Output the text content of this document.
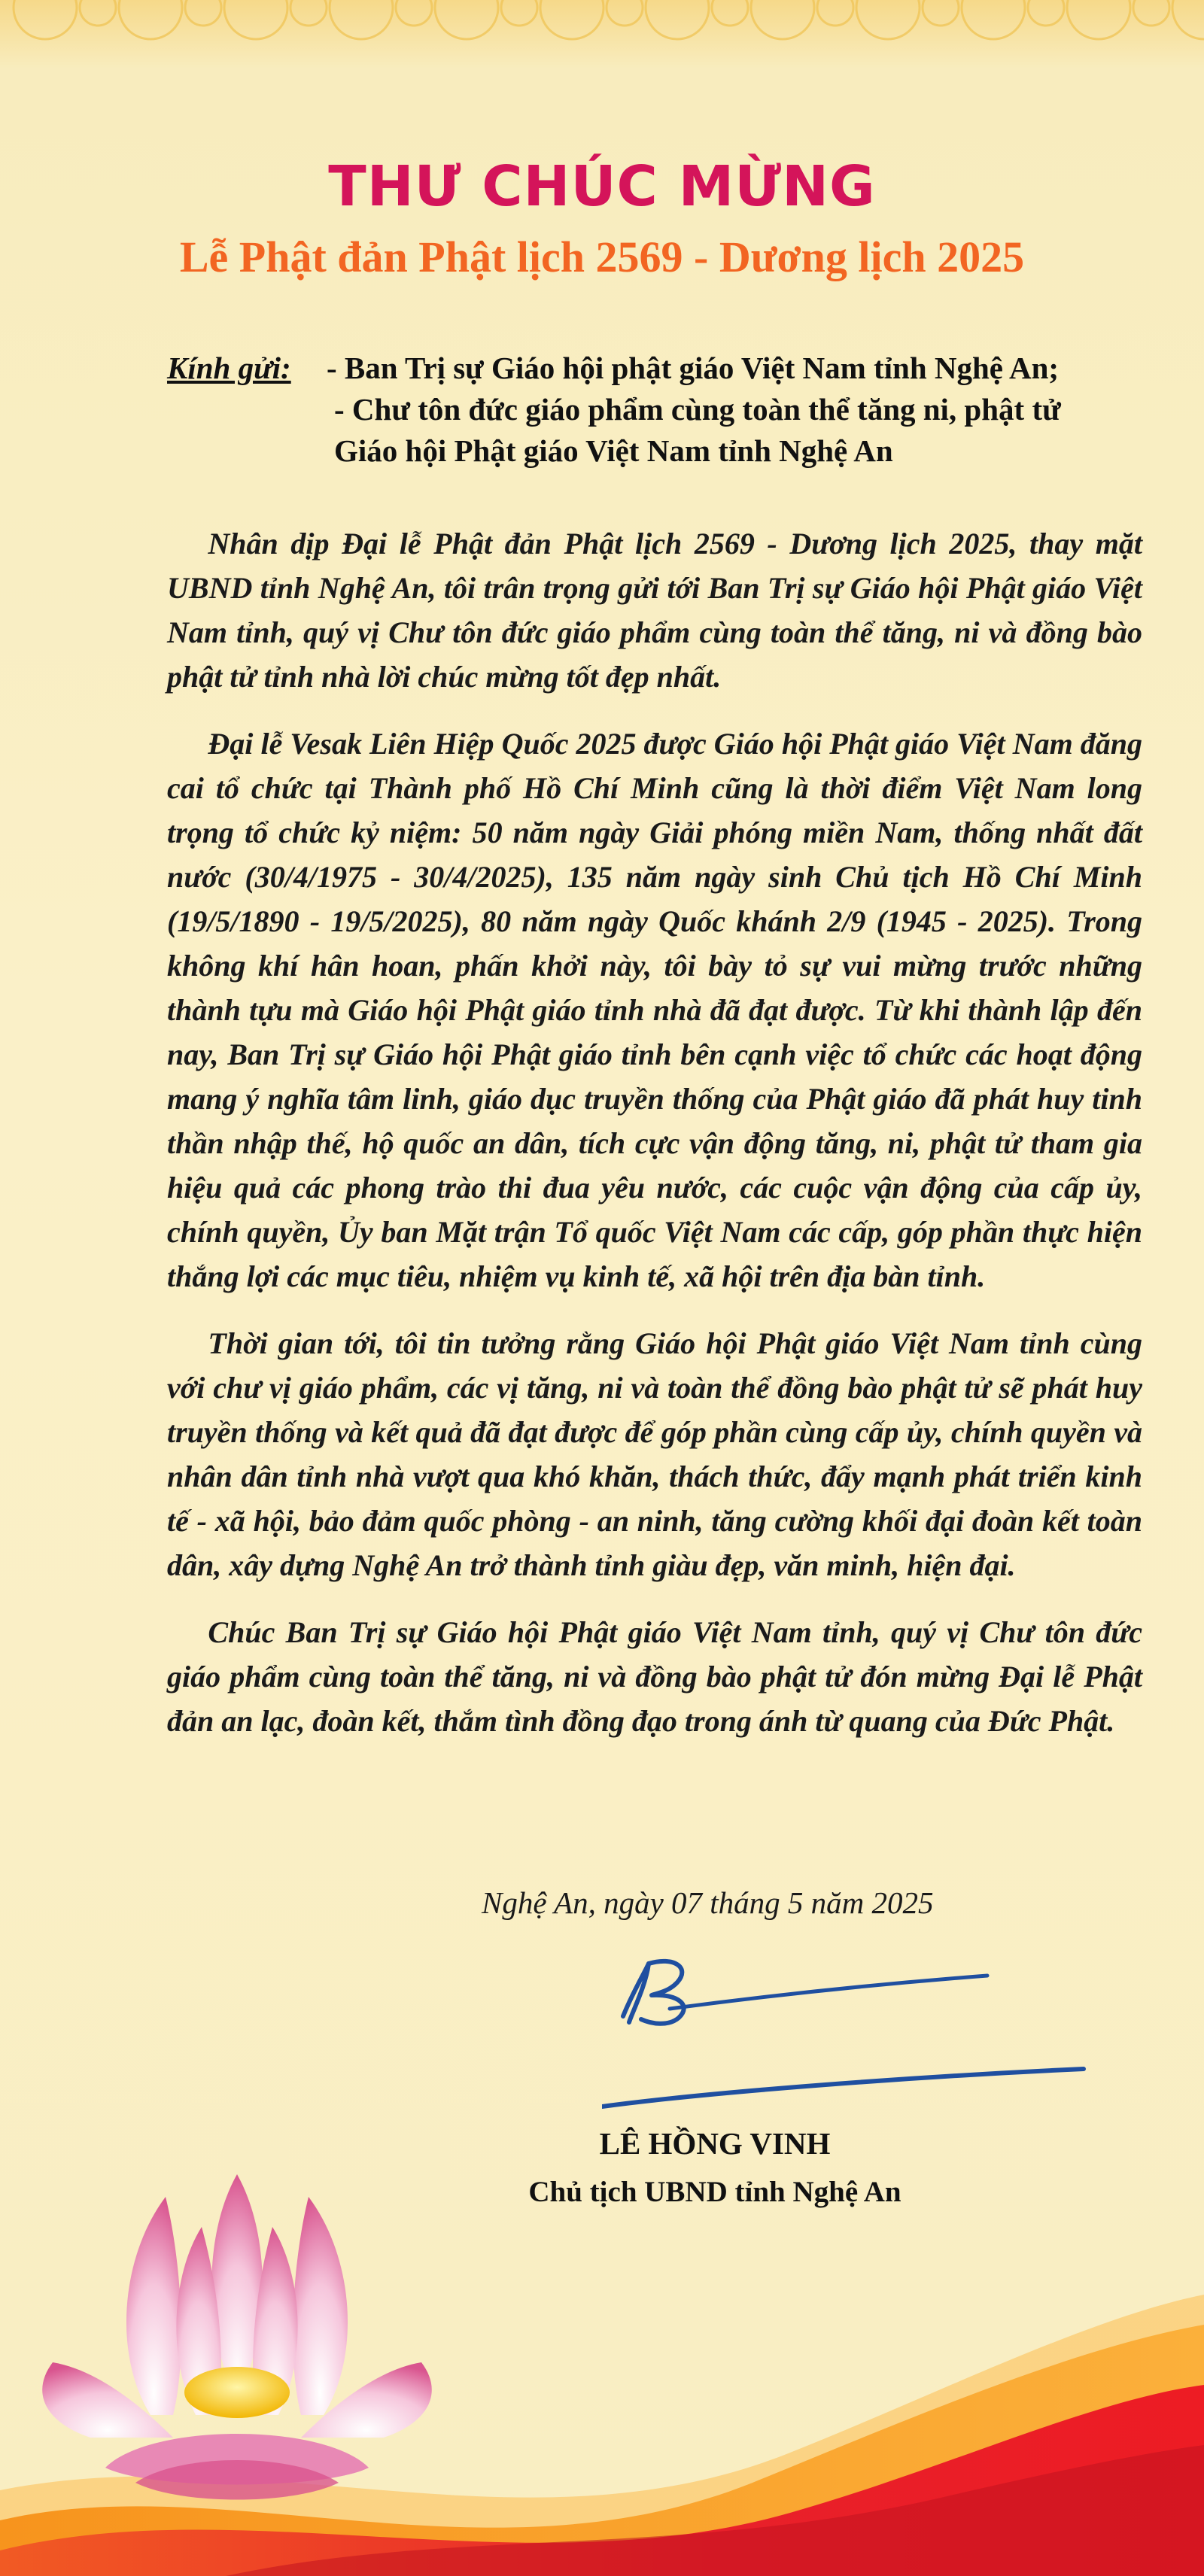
THƯ CHÚC MỪNG
Lễ Phật đản Phật lịch 2569 - Dương lịch 2025
Kính gửi: - Ban Trị sự Giáo hội phật giáo Việt Nam tỉnh Nghệ An;
- Chư tôn đức giáo phẩm cùng toàn thể tăng ni, phật tử
Giáo hội Phật giáo Việt Nam tỉnh Nghệ An

Nhân dịp Đại lễ Phật đản Phật lịch 2569 - Dương lịch 2025, thay mặt UBND tỉnh Nghệ An, tôi trân trọng gửi tới Ban Trị sự Giáo hội Phật giáo Việt Nam tỉnh, quý vị Chư tôn đức giáo phẩm cùng toàn thể tăng, ni và đồng bào phật tử tỉnh nhà lời chúc mừng tốt đẹp nhất.

Đại lễ Vesak Liên Hiệp Quốc 2025 được Giáo hội Phật giáo Việt Nam đăng cai tổ chức tại Thành phố Hồ Chí Minh cũng là thời điểm Việt Nam long trọng tổ chức kỷ niệm: 50 năm ngày Giải phóng miền Nam, thống nhất đất nước (30/4/1975 - 30/4/2025), 135 năm ngày sinh Chủ tịch Hồ Chí Minh (19/5/1890 - 19/5/2025), 80 năm ngày Quốc khánh 2/9 (1945 - 2025). Trong không khí hân hoan, phấn khởi này, tôi bày tỏ sự vui mừng trước những thành tựu mà Giáo hội Phật giáo tỉnh nhà đã đạt được. Từ khi thành lập đến nay, Ban Trị sự Giáo hội Phật giáo tỉnh bên cạnh việc tổ chức các hoạt động mang ý nghĩa tâm linh, giáo dục truyền thống của Phật giáo đã phát huy tinh thần nhập thế, hộ quốc an dân, tích cực vận động tăng, ni, phật tử tham gia hiệu quả các phong trào thi đua yêu nước, các cuộc vận động của cấp ủy, chính quyền, Ủy ban Mặt trận Tổ quốc Việt Nam các cấp, góp phần thực hiện thắng lợi các mục tiêu, nhiệm vụ kinh tế, xã hội trên địa bàn tỉnh.

Thời gian tới, tôi tin tưởng rằng Giáo hội Phật giáo Việt Nam tỉnh cùng với chư vị giáo phẩm, các vị tăng, ni và toàn thể đồng bào phật tử sẽ phát huy truyền thống và kết quả đã đạt được để góp phần cùng cấp ủy, chính quyền và nhân dân tỉnh nhà vượt qua khó khăn, thách thức, đẩy mạnh phát triển kinh tế - xã hội, bảo đảm quốc phòng - an ninh, tăng cường khối đại đoàn kết toàn dân, xây dựng Nghệ An trở thành tỉnh giàu đẹp, văn minh, hiện đại.

Chúc Ban Trị sự Giáo hội Phật giáo Việt Nam tỉnh, quý vị Chư tôn đức giáo phẩm cùng toàn thể tăng, ni và đồng bào phật tử đón mừng Đại lễ Phật đản an lạc, đoàn kết, thắm tình đồng đạo trong ánh từ quang của Đức Phật.

Nghệ An, ngày 07 tháng 5 năm 2025
LÊ HỒNG VINH
Chủ tịch UBND tỉnh Nghệ An
